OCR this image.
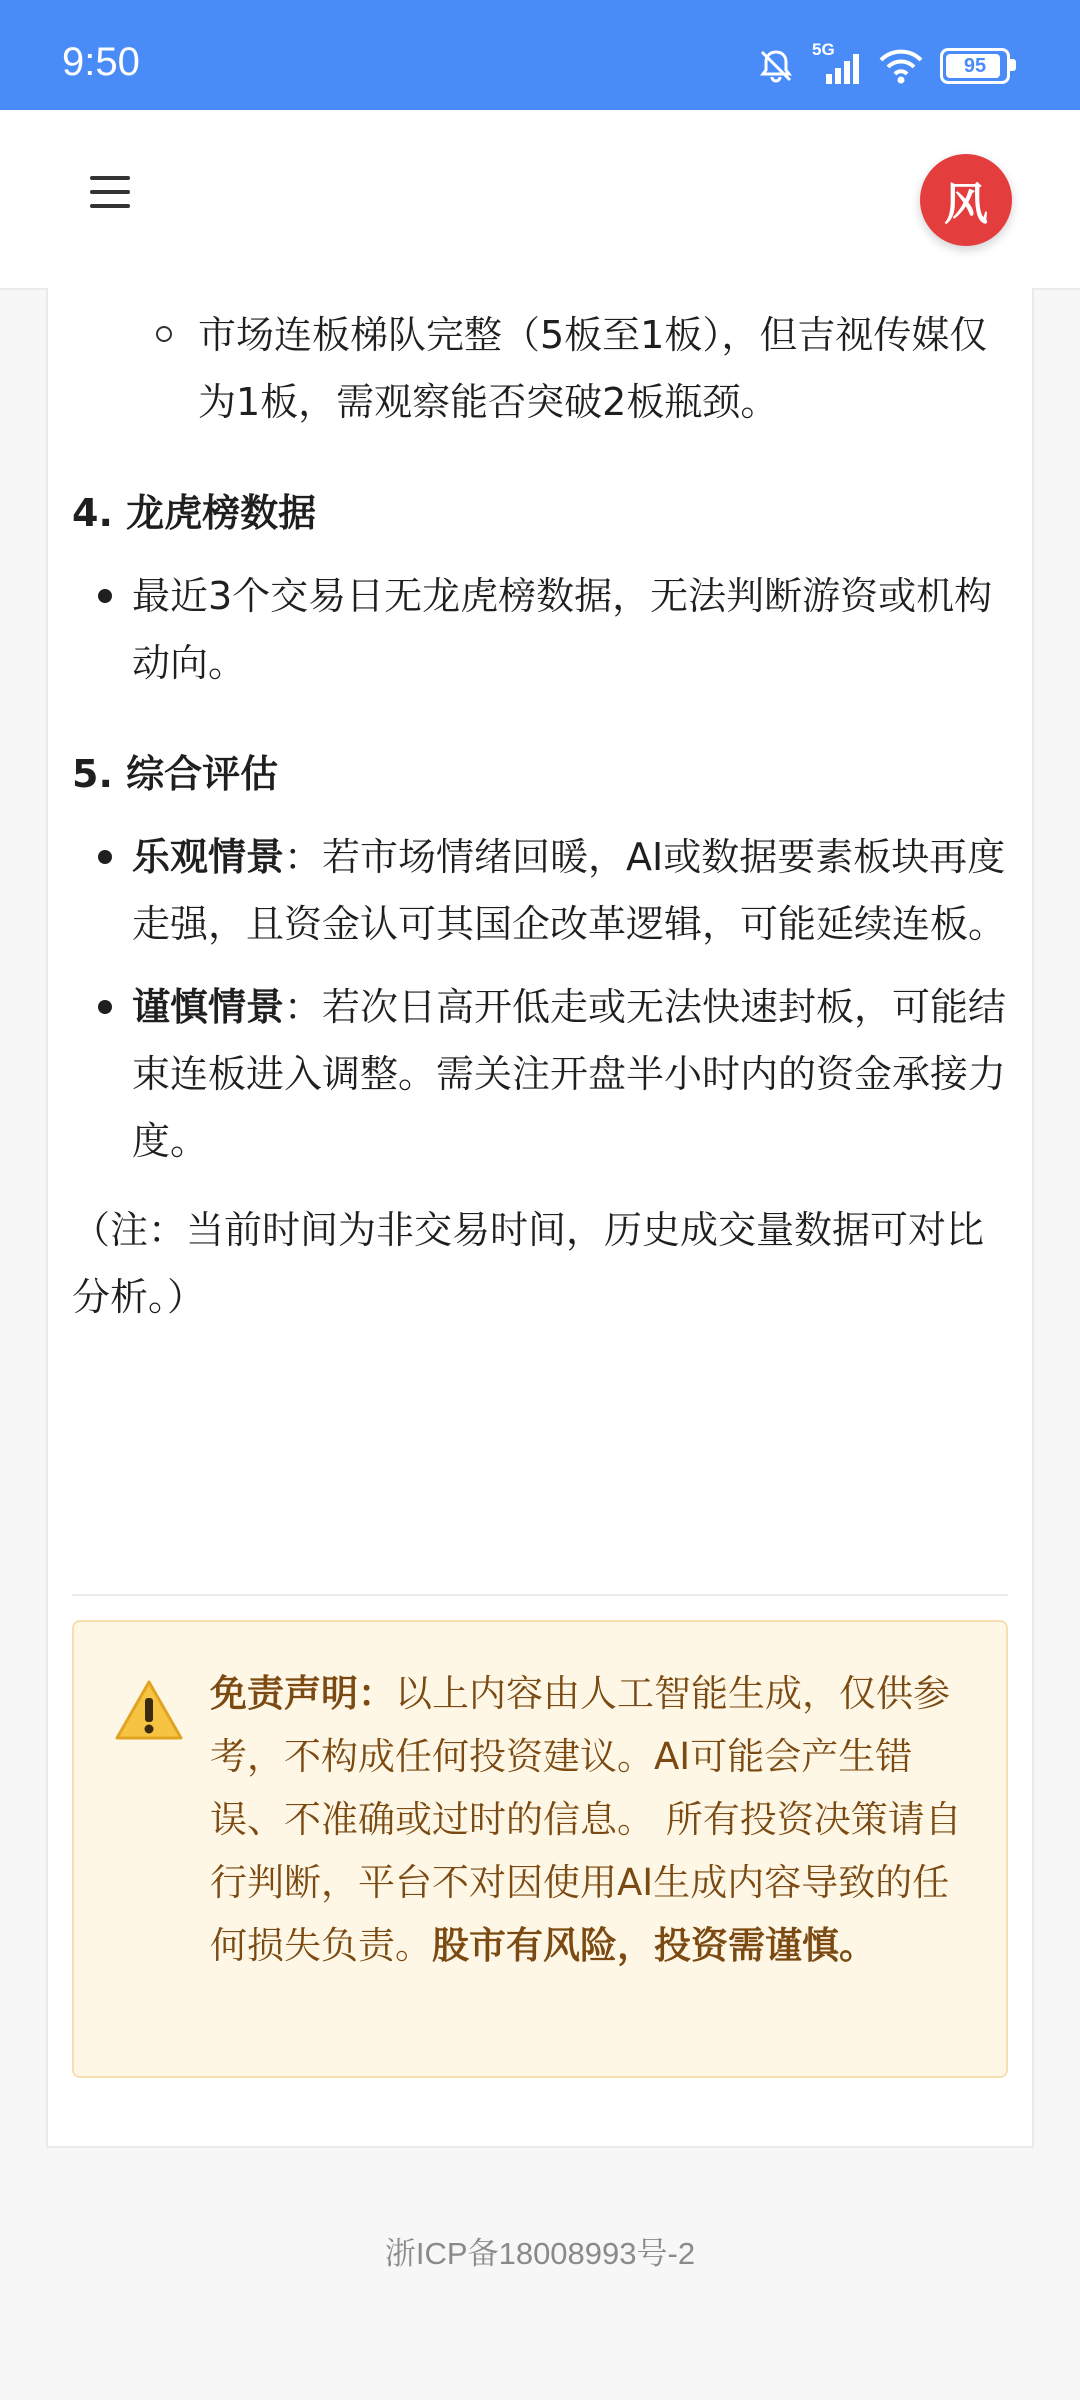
9:50	5G
95
风
市场连板梯队完整（5板至1板），但吉视传媒仅为1板，需观察能否突破2板瓶颈。
4. 龙虎榜数据
最近3个交易日无龙虎榜数据，无法判断游资或机构动向。
5. 综合评估
乐观情景：若市场情绪回暖，AI或数据要素板块再度走强，且资金认可其国企改革逻辑，可能延续连板。
谨慎情景：若次日高开低走或无法快速封板，可能结束连板进入调整。需关注开盘半小时内的资金承接力度。
（注：当前时间为非交易时间，历史成交量数据可对比分析。）
免责声明：以上内容由人工智能生成，仅供参考，不构成任何投资建议。AI可能会产生错误、不准确或过时的信息。 所有投资决策请自行判断，平台不对因使用AI生成内容导致的任何损失负责。股市有风险，投资需谨慎。
浙ICP备18008993号-2
